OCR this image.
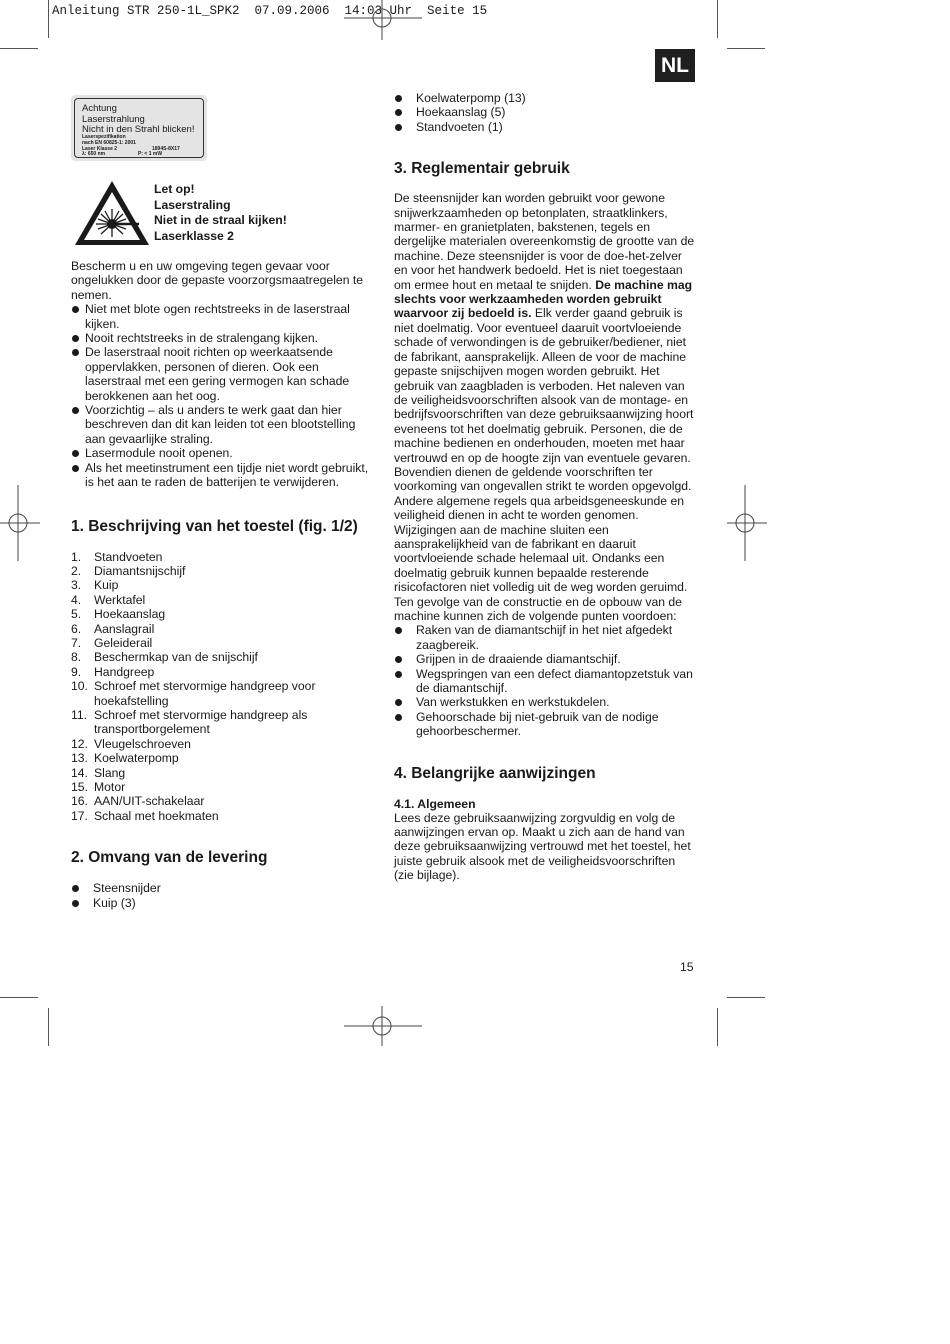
Anleitung STR 250-1L_SPK2  07.09.2006  14:03 Uhr  Seite 15
NL
Achtung
Laserstrahlung
Nicht in den Strahl blicken!
Laserspezifikation
nach EN 60825-1: 2001
Laser Klasse 2	1894S-8X17
λ: 650 nm	P: < 1 mW
Let op!
Laserstraling
Niet in de straal kijken!
Laserklasse 2
Bescherm u en uw omgeving tegen gevaar voor ongelukken door de gepaste voorzorgsmaatregelen te nemen.
Niet met blote ogen rechtstreeks in de laserstraal kijken.
Nooit rechtstreeks in de stralengang kijken.
De laserstraal nooit richten op weerkaatsende oppervlakken, personen of dieren. Ook een laserstraal met een gering vermogen kan schade berokkenen aan het oog.
Voorzichtig – als u anders te werk gaat dan hier beschreven dan dit kan leiden tot een blootstelling aan gevaarlijke straling.
Lasermodule nooit openen.
Als het meetinstrument een tijdje niet wordt gebruikt, is het aan te raden de batterijen te verwijderen.
1. Beschrijving van het toestel (fig. 1/2)
1. Standvoeten
2. Diamantsnijschijf
3. Kuip
4. Werktafel
5. Hoekaanslag
6. Aanslagrail
7. Geleiderail
8. Beschermkap van de snijschijf
9. Handgreep
10. Schroef met stervormige handgreep voor hoekafstelling
11. Schroef met stervormige handgreep als transportborgelement
12. Vleugelschroeven
13. Koelwaterpomp
14. Slang
15. Motor
16. AAN/UIT-schakelaar
17. Schaal met hoekmaten
2. Omvang van de levering
Steensnijder
Kuip (3)
Koelwaterpomp (13)
Hoekaanslag (5)
Standvoeten (1)
3. Reglementair gebruik
De steensnijder kan worden gebruikt voor gewone snijwerkzaamheden op betonplaten, straatklinkers, marmer- en granietplaten, bakstenen, tegels en dergelijke materialen overeenkomstig de grootte van de machine. Deze steensnijder is voor de doe-het-zelver en voor het handwerk bedoeld. Het is niet toegestaan om ermee hout en metaal te snijden. De machine mag slechts voor werkzaamheden worden gebruikt waarvoor zij bedoeld is. Elk verder gaand gebruik is niet doelmatig. Voor eventueel daaruit voortvloeiende schade of verwondingen is de gebruiker/bediener, niet de fabrikant, aansprakelijk. Alleen de voor de machine gepaste snijschijven mogen worden gebruikt. Het gebruik van zaagbladen is verboden. Het naleven van de veiligheidsvoorschriften alsook van de montage- en bedrijfsvoorschriften van deze gebruiksaanwijzing hoort eveneens tot het doelmatig gebruik. Personen, die de machine bedienen en onderhouden, moeten met haar vertrouwd en op de hoogte zijn van eventuele gevaren. Bovendien dienen de geldende voorschriften ter voorkoming van ongevallen strikt te worden opgevolgd. Andere algemene regels qua arbeidsgeneeskunde en veiligheid dienen in acht te worden genomen. Wijzigingen aan de machine sluiten een aansprakelijkheid van de fabrikant en daaruit voortvloeiende schade helemaal uit. Ondanks een doelmatig gebruik kunnen bepaalde resterende risicofactoren niet volledig uit de weg worden geruimd. Ten gevolge van de constructie en de opbouw van de machine kunnen zich de volgende punten voordoen:
Raken van de diamantschijf in het niet afgedekt zaagbereik.
Grijpen in de draaiende diamantschijf.
Wegspringen van een defect diamantopzetstuk van de diamantschijf.
Van werkstukken en werkstukdelen.
Gehoorschade bij niet-gebruik van de nodige gehoorbeschermer.
4. Belangrijke aanwijzingen
4.1. Algemeen
Lees deze gebruiksaanwijzing zorgvuldig en volg de aanwijzingen ervan op. Maakt u zich aan de hand van deze gebruiksaanwijzing vertrouwd met het toestel, het juiste gebruik alsook met de veiligheidsvoorschriften (zie bijlage).
15
